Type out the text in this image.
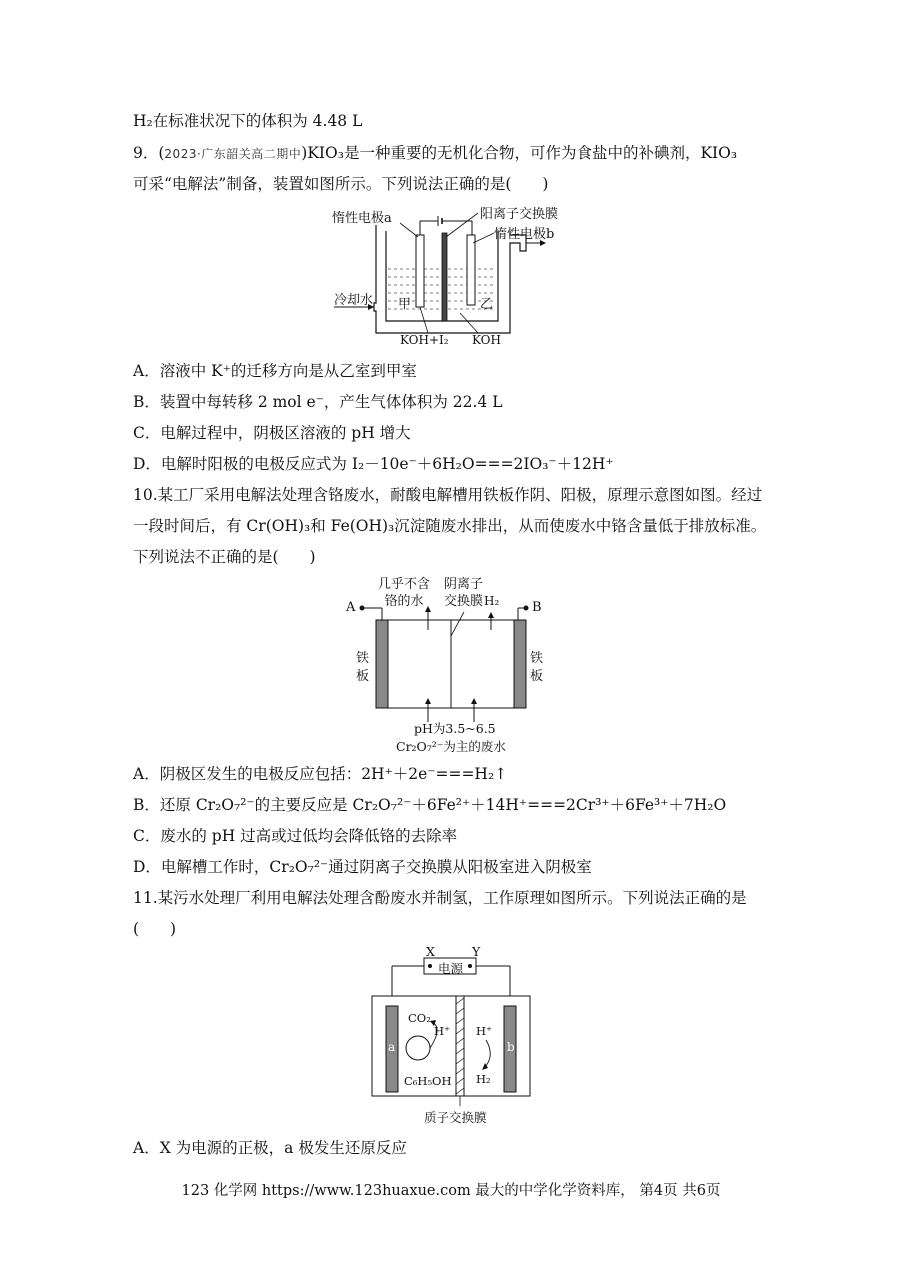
H₂在标准状况下的体积为 4.48 L
9．(2023·广东韶关高二期中)KIO₃是一种重要的无机化合物，可作为食盐中的补碘剂，KIO₃
可采“电解法”制备，装置如图所示。下列说法正确的是(　　)
惰性电极a	阳离子交换膜
惰性电极b
冷却水 甲	乙
KOH+I₂ KOH
A．溶液中 K⁺的迁移方向是从乙室到甲室
B．装置中每转移 2 mol e⁻，产生气体体积为 22.4 L
C．电解过程中，阴极区溶液的 pH 增大
D．电解时阳极的电极反应式为 I₂－10e⁻＋6H₂O===2IO₃⁻＋12H⁺
10.某工厂采用电解法处理含铬废水，耐酸电解槽用铁板作阴、阳极，原理示意图如图。经过
一段时间后，有 Cr(OH)₃和 Fe(OH)₃沉淀随废水排出，从而使废水中铬含量低于排放标准。
下列说法不正确的是(　　)
A	B
几乎不含
铬的水
阴离子
交换膜 H₂
铁板
铁板
pH为3.5~6.5
Cr₂O₇²⁻为主的废水
A．阴极区发生的电极反应包括：2H⁺＋2e⁻===H₂↑
B．还原 Cr₂O₇²⁻的主要反应是 Cr₂O₇²⁻＋6Fe²⁺＋14H⁺===2Cr³⁺＋6Fe³⁺＋7H₂O
C．废水的 pH 过高或过低均会降低铬的去除率
D．电解槽工作时，Cr₂O₇²⁻通过阴离子交换膜从阳极室进入阴极室
11.某污水处理厂利用电解法处理含酚废水并制氢，工作原理如图所示。下列说法正确的是
(　　)
X	Y
电源
CO₂
H⁺
C₆H₅OH
H⁺
H₂
a	b
质子交换膜
A．X 为电源的正极，a 极发生还原反应
123 化学网 https://www.123huaxue.com 最大的中学化学资料库， 第4页 共6页
